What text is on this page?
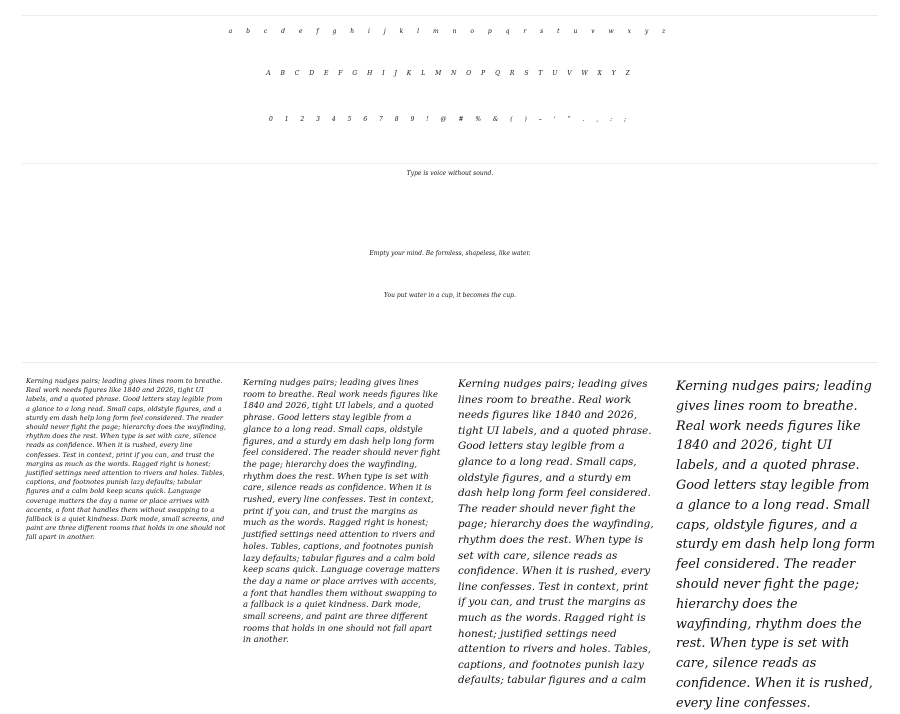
a b c d e f g h i j k l m n o p q r s t u v w x y z
A B C D E F G H I J K L M N O P Q R S T U V W X Y Z
0 1 2 3 4 5 6 7 8 9 ! @ # % & ( ) – ‘ ” . , : ;
Type is voice without sound.
Empty your mind. Be formless, shapeless, like water.
You put water in a cup, it becomes the cup.
Kerning nudges pairs; leading gives lines room to breathe. Real work needs figures like 1840 and 2026, tight UI labels, and a quoted phrase. Good letters stay legible from a glance to a long read. Small caps, oldstyle figures, and a sturdy em dash help long form feel considered. The reader should never fight the page; hierarchy does the wayfinding, rhythm does the rest. When type is set with care, silence reads as confidence. When it is rushed, every line confesses. Test in context, print if you can, and trust the margins as much as the words. Ragged right is honest; justified settings need attention to rivers and holes. Tables, captions, and footnotes punish lazy defaults; tabular figures and a calm bold keep scans quick. Language coverage matters the day a name or place arrives with accents, a font that handles them without swapping to a fallback is a quiet kindness. Dark mode, small screens, and paint are three different rooms that holds in one should not fall apart in another.
Kerning nudges pairs; leading gives lines room to breathe. Real work needs figures like 1840 and 2026, tight UI labels, and a quoted phrase. Good letters stay legible from a glance to a long read. Small caps, oldstyle figures, and a sturdy em dash help long form feel considered. The reader should never fight the page; hierarchy does the wayfinding, rhythm does the rest. When type is set with care, silence reads as confidence. When it is rushed, every line confesses. Test in context, print if you can, and trust the margins as much as the words. Ragged right is honest; justified settings need attention to rivers and holes. Tables, captions, and footnotes punish lazy defaults; tabular figures and a calm bold keep scans quick. Language coverage matters the day a name or place arrives with accents, a font that handles them without swapping to a fallback is a quiet kindness. Dark mode, small screens, and paint are three different rooms that holds in one should not fall apart in another.
Kerning nudges pairs; leading gives lines room to breathe. Real work needs figures like 1840 and 2026, tight UI labels, and a quoted phrase. Good letters stay legible from a glance to a long read. Small caps, oldstyle figures, and a sturdy em dash help long form feel considered. The reader should never fight the page; hierarchy does the wayfinding, rhythm does the rest. When type is set with care, silence reads as confidence. When it is rushed, every line confesses. Test in context, print if you can, and trust the margins as much as the words. Ragged right is honest; justified settings need attention to rivers and holes. Tables, captions, and footnotes punish lazy defaults; tabular figures and a calm
Kerning nudges pairs; leading gives lines room to breathe. Real work needs figures like 1840 and 2026, tight UI labels, and a quoted phrase. Good letters stay legible from a glance to a long read. Small caps, oldstyle figures, and a sturdy em dash help long form feel considered. The reader should never fight the page; hierarchy does the wayfinding, rhythm does the rest. When type is set with care, silence reads as confidence. When it is rushed, every line confesses.
